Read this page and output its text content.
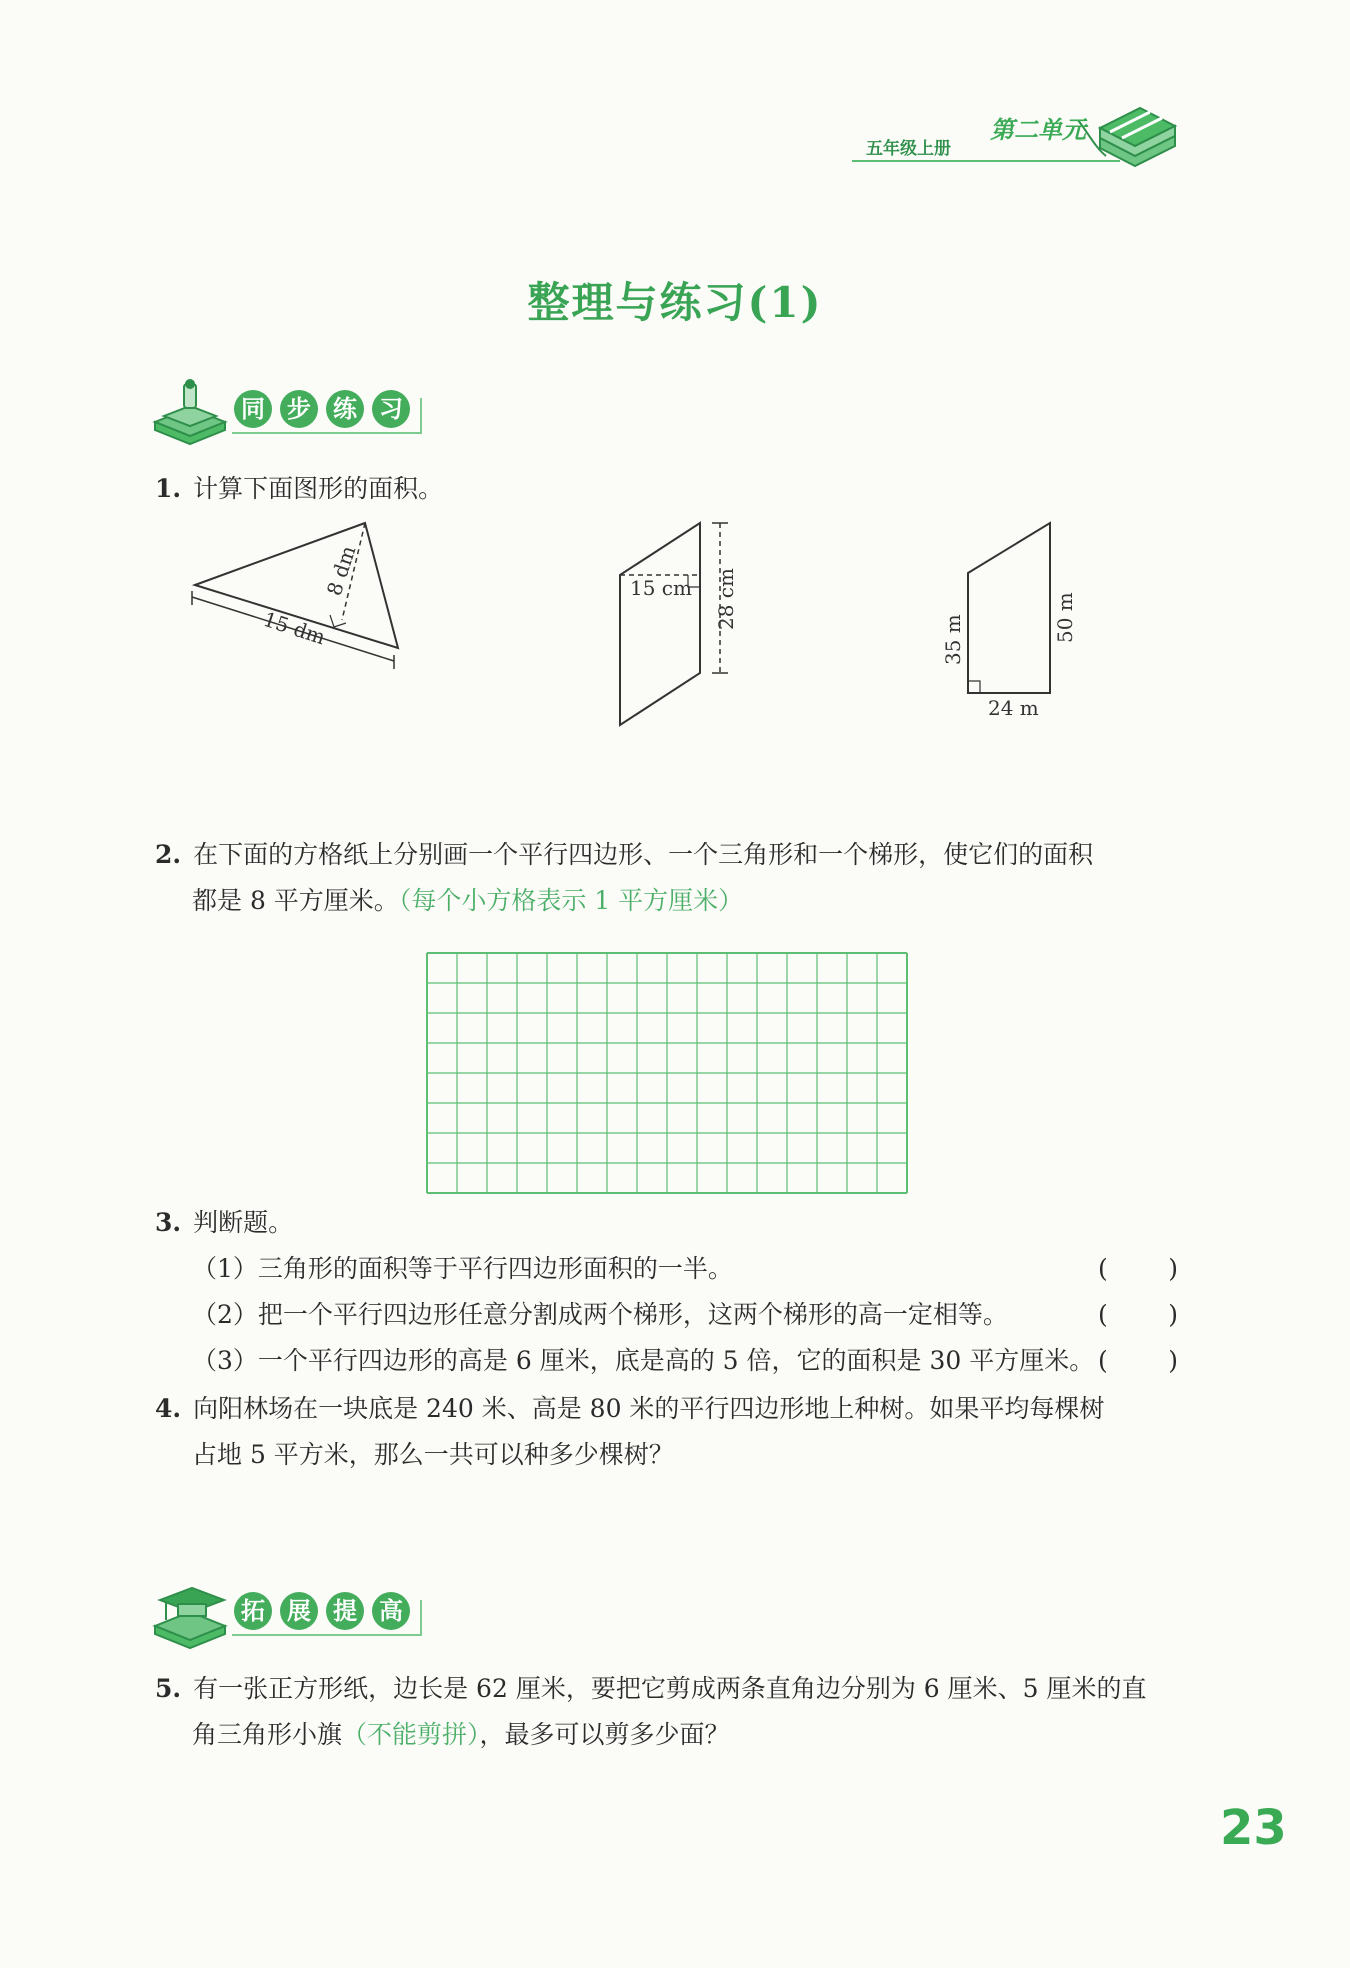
第二单元
五年级上册
整理与练习(1)
同 步 练 习
1. 计算下面图形的面积。
8 dm
15 dm
15 cm 28 cm
35 m	50 m
24 m
2. 在下面的方格纸上分别画一个平行四边形、一个三角形和一个梯形，使它们的面积
都是 8 平方厘米。（每个小方格表示 1 平方厘米）
3. 判断题。
（1）三角形的面积等于平行四边形面积的一半。
（2）把一个平行四边形任意分割成两个梯形，这两个梯形的高一定相等。
（3）一个平行四边形的高是 6 厘米，底是高的 5 倍，它的面积是 30 平方厘米。
( )
( )
( )
4. 向阳林场在一块底是 240 米、高是 80 米的平行四边形地上种树。如果平均每棵树
占地 5 平方米，那么一共可以种多少棵树？
拓 展 提 高
5. 有一张正方形纸，边长是 62 厘米，要把它剪成两条直角边分别为 6 厘米、5 厘米的直
角三角形小旗（不能剪拼），最多可以剪多少面？
23
